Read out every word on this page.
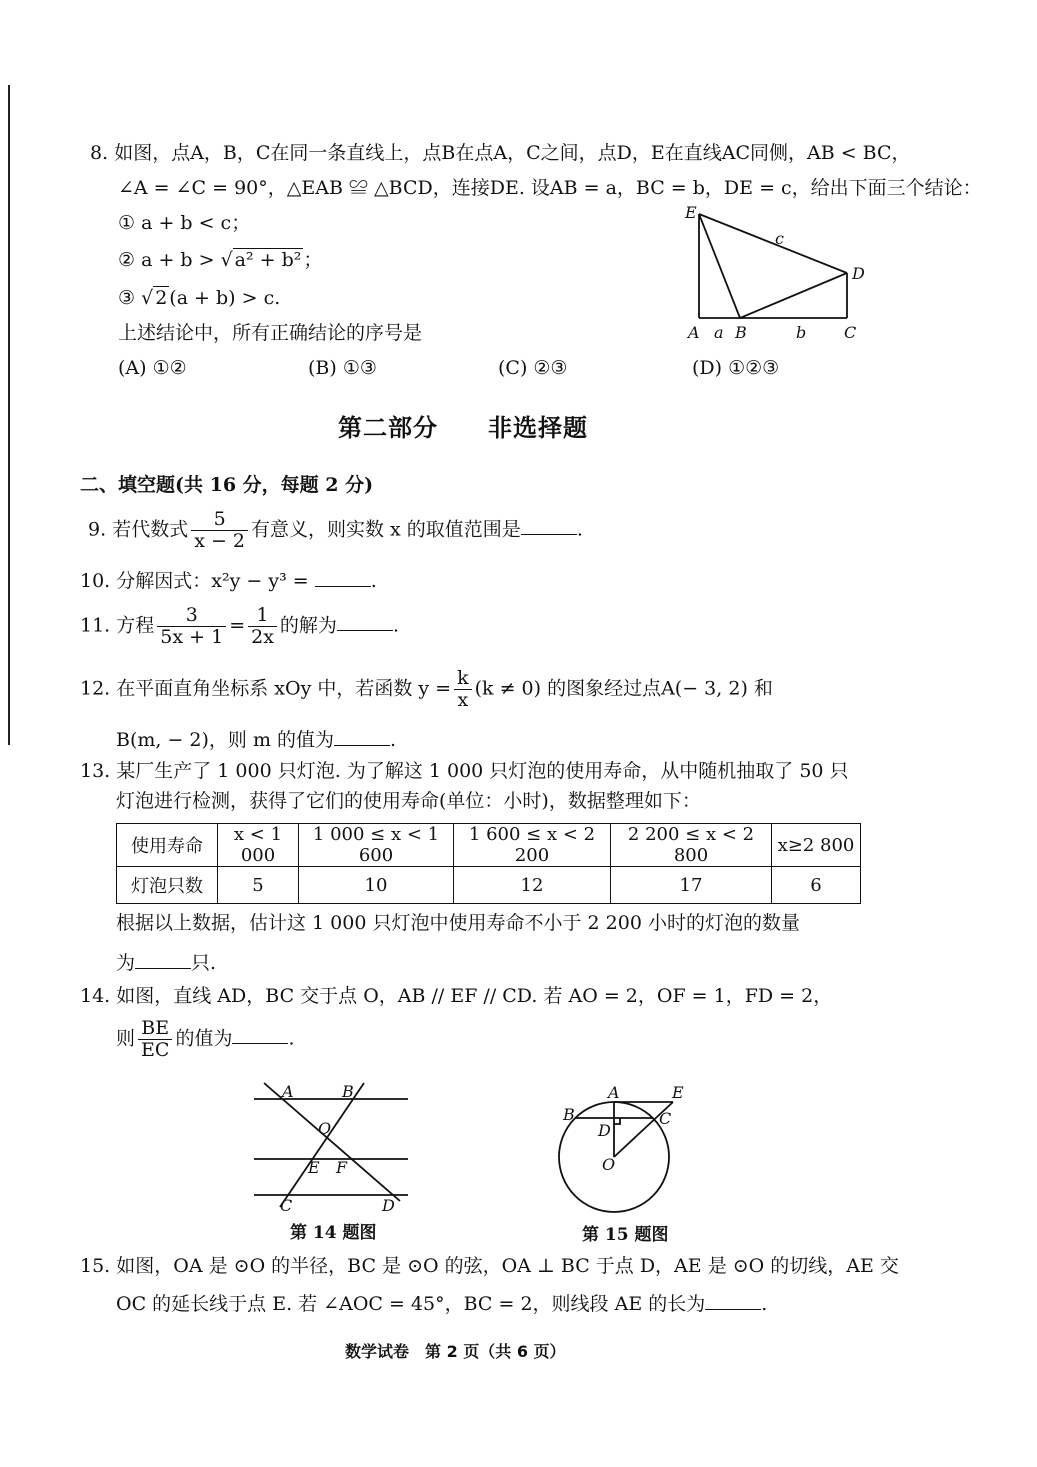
8. 如图，点A，B，C在同一条直线上，点B在点A，C之间，点D，E在直线AC同侧，AB < BC，
∠A = ∠C = 90°，△EAB ≌ △BCD，连接DE. 设AB = a，BC = b，DE = c，给出下面三个结论：
① a + b < c；
② a + b > √ a² + b² ；
③ √ 2 (a + b) > c.
上述结论中，所有正确结论的序号是
(A) ①②	(B) ①③	(C) ②③	(D) ①②③
E
D
A a B	b C
c
第二部分　　非选择题
二、填空题(共 16 分，每题 2 分)
9. 若代数式 $\frac{5}{x - 2}$ 有意义，则实数 x 的取值范围是	.
10. 分解因式：x²y − y³ =	.
11. 方程 $\frac{3}{5x + 1} = \frac{1}{2x}$ 的解为	.
12. 在平面直角坐标系 xOy 中，若函数 $y = \frac{k}{x} (k \ne 0)$ 的图象经过点A(− 3, 2) 和
B(m, − 2)，则 m 的值为	.
13. 某厂生产了 1 000 只灯泡. 为了解这 1 000 只灯泡的使用寿命，从中随机抽取了 50 只
灯泡进行检测，获得了它们的使用寿命(单位：小时)，数据整理如下：
使用寿命	x < 1 000	1 000 ≤ x < 1 600	1 600 ≤ x < 2 200	2 200 ≤ x < 2 800	x≥2 800
灯泡只数	5	10	12	17	6
根据以上数据，估计这 1 000 只灯泡中使用寿命不小于 2 200 小时的灯泡的数量
为	只.
14. 如图，直线 AD，BC 交于点 O，AB // EF // CD. 若 AO = 2，OF = 1，FD = 2，
则 $\frac{BE}{EC}$ 的值为	.
A	B
O
E F
C	D
第 14 题图
A	E
B	C
D
O
第 15 题图
15. 如图，OA 是 ⊙O 的半径，BC 是 ⊙O 的弦，OA ⊥ BC 于点 D，AE 是 ⊙O 的切线，AE 交
OC 的延长线于点 E. 若 ∠AOC = 45°，BC = 2，则线段 AE 的长为	.
数学试卷　第 2 页（共 6 页）
